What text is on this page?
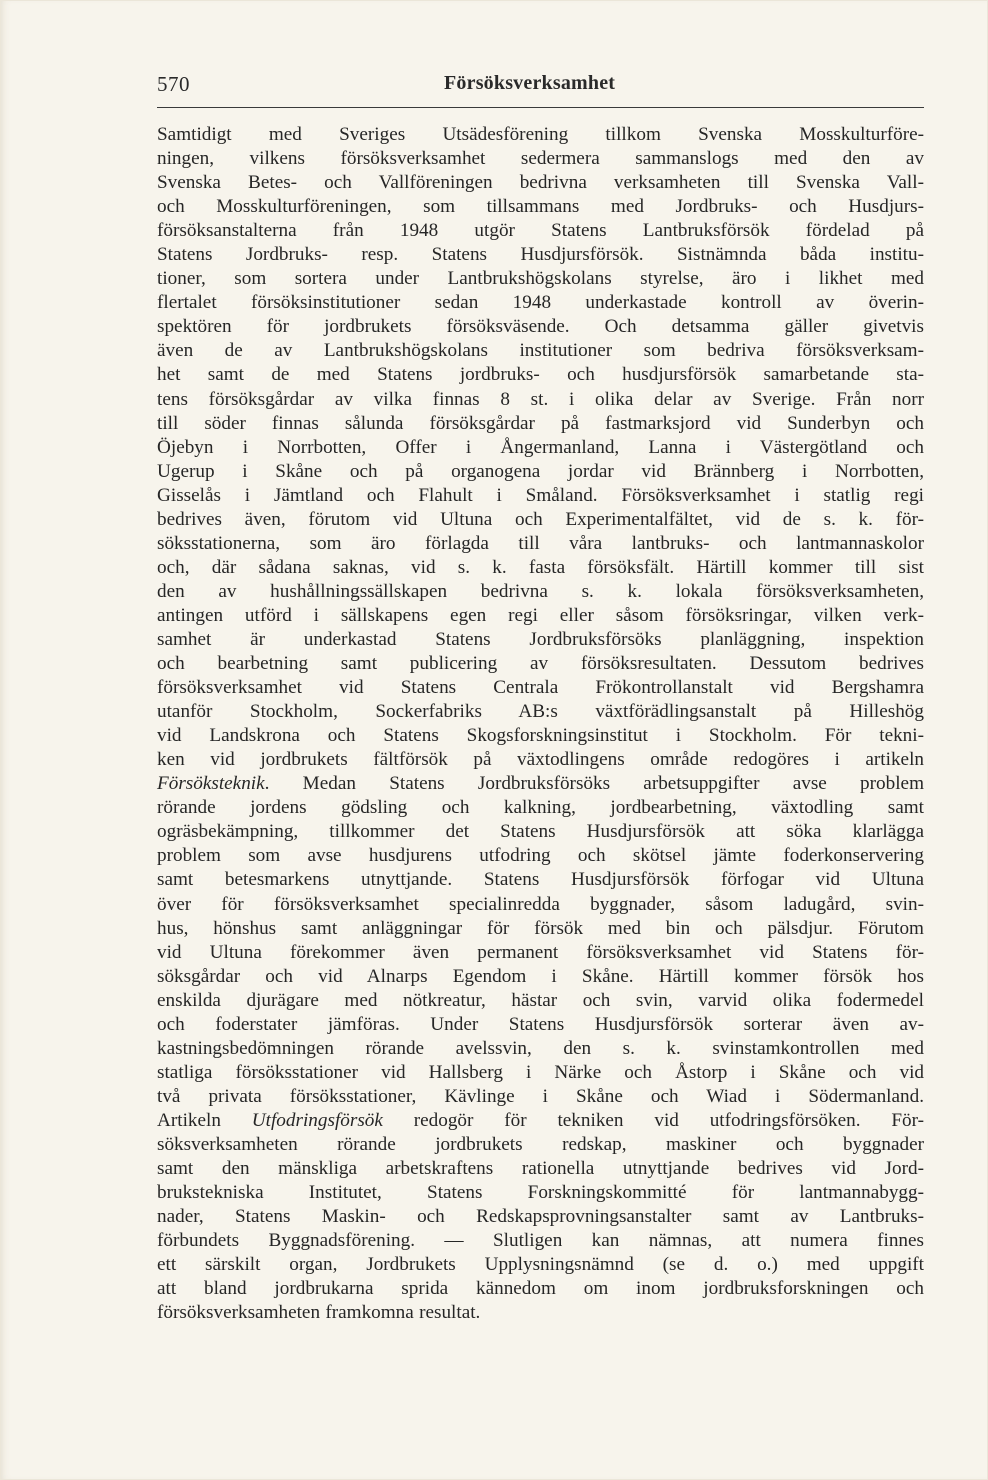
570	Försöksverksamhet
Samtidigt med Sveriges Utsädesförening tillkom Svenska Mosskulturföre-
ningen, vilkens försöksverksamhet sedermera sammanslogs med den av
Svenska Betes- och Vallföreningen bedrivna verksamheten till Svenska Vall-
och Mosskulturföreningen, som tillsammans med Jordbruks- och Husdjurs-
försöksanstalterna från 1948 utgör Statens Lantbruksförsök fördelad på
Statens Jordbruks- resp. Statens Husdjursförsök. Sistnämnda båda institu-
tioner, som sortera under Lantbrukshögskolans styrelse, äro i likhet med
flertalet försöksinstitutioner sedan 1948 underkastade kontroll av överin-
spektören för jordbrukets försöksväsende. Och detsamma gäller givetvis
även de av Lantbrukshögskolans institutioner som bedriva försöksverksam-
het samt de med Statens jordbruks- och husdjursförsök samarbetande sta-
tens försöksgårdar av vilka finnas 8 st. i olika delar av Sverige. Från norr
till söder finnas sålunda försöksgårdar på fastmarksjord vid Sunderbyn och
Öjebyn i Norrbotten, Offer i Ångermanland, Lanna i Västergötland och
Ugerup i Skåne och på organogena jordar vid Brännberg i Norrbotten,
Gisselås i Jämtland och Flahult i Småland. Försöksverksamhet i statlig regi
bedrives även, förutom vid Ultuna och Experimentalfältet, vid de s. k. för-
söksstationerna, som äro förlagda till våra lantbruks- och lantmannaskolor
och, där sådana saknas, vid s. k. fasta försöksfält. Härtill kommer till sist
den av hushållningssällskapen bedrivna s. k. lokala försöksverksamheten,
antingen utförd i sällskapens egen regi eller såsom försöksringar, vilken verk-
samhet är underkastad Statens Jordbruksförsöks planläggning, inspektion
och bearbetning samt publicering av försöksresultaten. Dessutom bedrives
försöksverksamhet vid Statens Centrala Frökontrollanstalt vid Bergshamra
utanför Stockholm, Sockerfabriks AB:s växtförädlingsanstalt på Hilleshög
vid Landskrona och Statens Skogsforskningsinstitut i Stockholm. För tekni-
ken vid jordbrukets fältförsök på växtodlingens område redogöres i artikeln
Försöksteknik. Medan Statens Jordbruksförsöks arbetsuppgifter avse problem
rörande jordens gödsling och kalkning, jordbearbetning, växtodling samt
ogräsbekämpning, tillkommer det Statens Husdjursförsök att söka klarlägga
problem som avse husdjurens utfodring och skötsel jämte foderkonservering
samt betesmarkens utnyttjande. Statens Husdjursförsök förfogar vid Ultuna
över för försöksverksamhet specialinredda byggnader, såsom ladugård, svin-
hus, hönshus samt anläggningar för försök med bin och pälsdjur. Förutom
vid Ultuna förekommer även permanent försöksverksamhet vid Statens för-
söksgårdar och vid Alnarps Egendom i Skåne. Härtill kommer försök hos
enskilda djurägare med nötkreatur, hästar och svin, varvid olika fodermedel
och foderstater jämföras. Under Statens Husdjursförsök sorterar även av-
kastningsbedömningen rörande avelssvin, den s. k. svinstamkontrollen med
statliga försöksstationer vid Hallsberg i Närke och Åstorp i Skåne och vid
två privata försöksstationer, Kävlinge i Skåne och Wiad i Södermanland.
Artikeln Utfodringsförsök redogör för tekniken vid utfodringsförsöken. För-
söksverksamheten rörande jordbrukets redskap, maskiner och byggnader
samt den mänskliga arbetskraftens rationella utnyttjande bedrives vid Jord-
brukstekniska Institutet, Statens Forskningskommitté för lantmannabygg-
nader, Statens Maskin- och Redskapsprovningsanstalter samt av Lantbruks-
förbundets Byggnadsförening. — Slutligen kan nämnas, att numera finnes
ett särskilt organ, Jordbrukets Upplysningsnämnd (se d. o.) med uppgift
att bland jordbrukarna sprida kännedom om inom jordbruksforskningen och
försöksverksamheten framkomna resultat.
